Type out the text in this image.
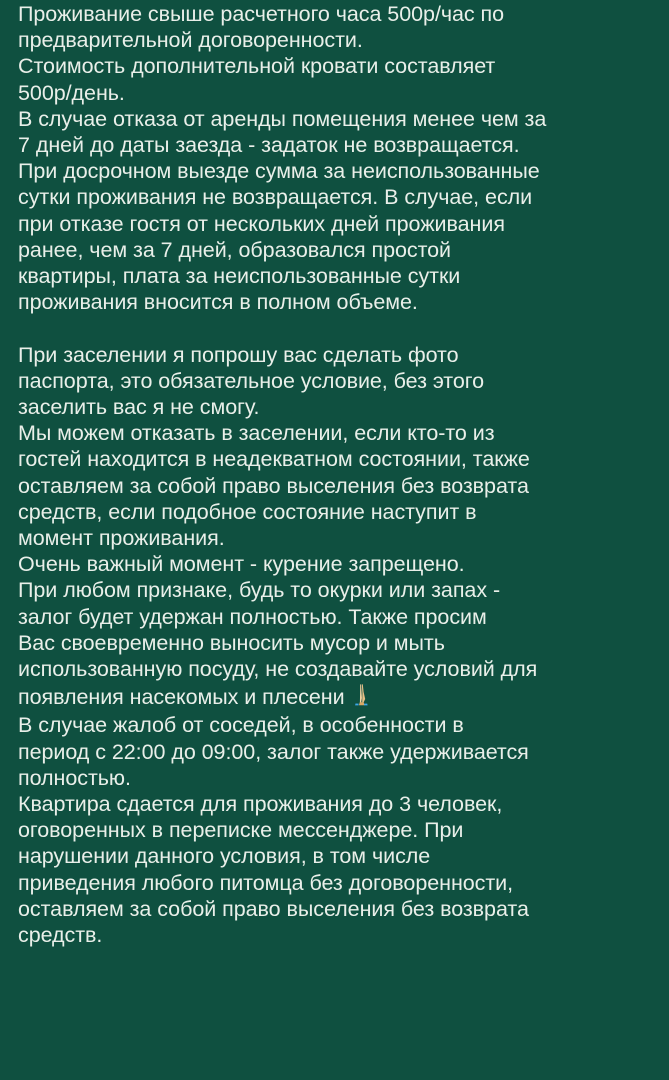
Проживание свыше расчетного часа 500р/час по
предварительной договоренности.
Стоимость дополнительной кровати составляет
500р/день.
В случае отказа от аренды помещения менее чем за
7 дней до даты заезда - задаток не возвращается.
При досрочном выезде сумма за неиспользованные
сутки проживания не возвращается. В случае, если
при отказе гостя от нескольких дней проживания
ранее, чем за 7 дней, образовался простой
квартиры, плата за неиспользованные сутки
проживания вносится в полном объеме.

При заселении я попрошу вас сделать фото
паспорта, это обязательное условие, без этого
заселить вас я не смогу.
Мы можем отказать в заселении, если кто-то из
гостей находится в неадекватном состоянии, также
оставляем за собой право выселения без возврата
средств, если подобное состояние наступит в
момент проживания.
Очень важный момент - курение запрещено.
При любом признаке, будь то окурки или запах -
залог будет удержан полностью. Также просим
Вас своевременно выносить мусор и мыть
использованную посуду, не создавайте условий для
появления насекомых и плесени

В случае жалоб от соседей, в особенности в
период с 22:00 до 09:00, залог также удерживается
полностью.
Квартира сдается для проживания до 3 человек,
оговоренных в переписке мессенджере. При
нарушении данного условия, в том числе
приведения любого питомца без договоренности,
оставляем за собой право выселения без возврата
средств.
